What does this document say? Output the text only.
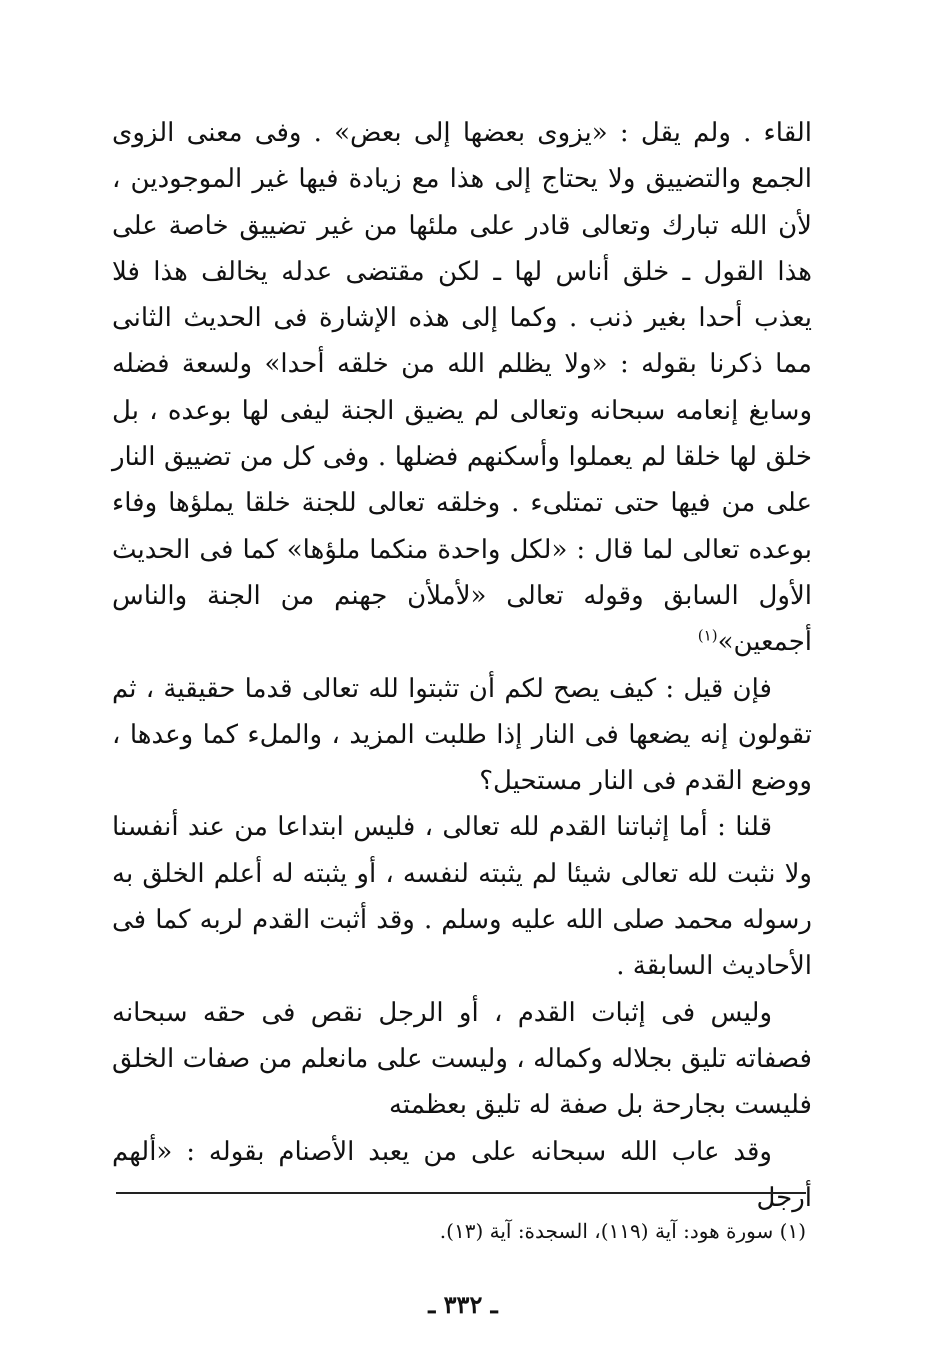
القاء . ولم يقل : «يزوى بعضها إلى بعض» . وفى معنى الزوى الجمع والتضييق ولا يحتاج إلى هذا مع زيادة فيها غير الموجودين ، لأن الله تبارك وتعالى قادر على ملئها من غير تضييق خاصة على هذا القول ـ خلق أناس لها ـ لكن مقتضى عدله يخالف هذا فلا يعذب أحدا بغير ذنب . وكما إلى هذه الإشارة فى الحديث الثانى مما ذكرنا بقوله : «ولا يظلم الله من خلقه أحدا» ولسعة فضله وسابغ إنعامه سبحانه وتعالى لم يضيق الجنة ليفى لها بوعده ، بل خلق لها خلقا لم يعملوا وأسكنهم فضلها . وفى كل من تضييق النار على من فيها حتى تمتلىء . وخلقه تعالى للجنة خلقا يملؤها وفاء بوعده تعالى لما قال : «لكل واحدة منكما ملؤها» كما فى الحديث الأول السابق وقوله تعالى «لأملأن جهنم من الجنة والناس أجمعين»$^{(١)}$

فإن قيل : كيف يصح لكم أن تثبتوا لله تعالى قدما حقيقية ، ثم تقولون إنه يضعها فى النار إذا طلبت المزيد ، والملء كما وعدها ، ووضع القدم فى النار مستحيل؟

قلنا : أما إثباتنا القدم لله تعالى ، فليس ابتداعا من عند أنفسنا ولا نثبت لله تعالى شيئا لم يثبته لنفسه ، أو يثبته له أعلم الخلق به رسوله محمد صلى الله عليه وسلم . وقد أثبت القدم لربه كما فى الأحاديث السابقة .

وليس فى إثبات القدم ، أو الرجل نقص فى حقه سبحانه فصفاته تليق بجلاله وكماله ، وليست على مانعلم من صفات الخلق فليست بجارحة بل صفة له تليق بعظمته

وقد عاب الله سبحانه على من يعبد الأصنام بقوله : «ألهم أرجل

(١) سورة هود: آية (١١٩)، السجدة: آية (١٣).

ـ ٣٣٢ ـ
